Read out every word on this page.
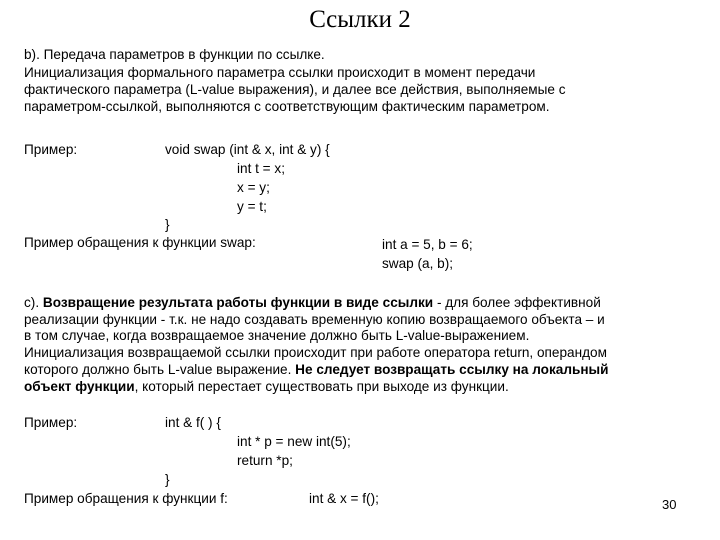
Ссылки 2
b). Передача параметров в функции по ссылке.
Инициализация формального параметра ссылки происходит в момент передачи
фактического параметра (L-value выражения), и далее все действия, выполняемые с
параметром-ссылкой, выполняются с соответствующим фактическим параметром.
Пример:	void swap (int & x, int & y) {
int t = x;
x = y;
y = t;
}
Пример обращения к функции swap:	int a = 5, b = 6;
swap (a, b);
c). Возвращение результата работы функции в виде ссылки - для более эффективной
реализации функции - т.к. не надо создавать временную копию возвращаемого объекта – и
в том случае, когда возвращаемое значение должно быть L-value-выражением.
Инициализация возвращаемой ссылки происходит при работе оператора return, операндом
которого должно быть L-value выражение. Не следует возвращать ссылку на локальный
объект функции, который перестает существовать при выходе из функции.
Пример:	int & f( ) {
int * p = new int(5);
return *p;
}
Пример обращения к функции f:	int & x = f();	30
